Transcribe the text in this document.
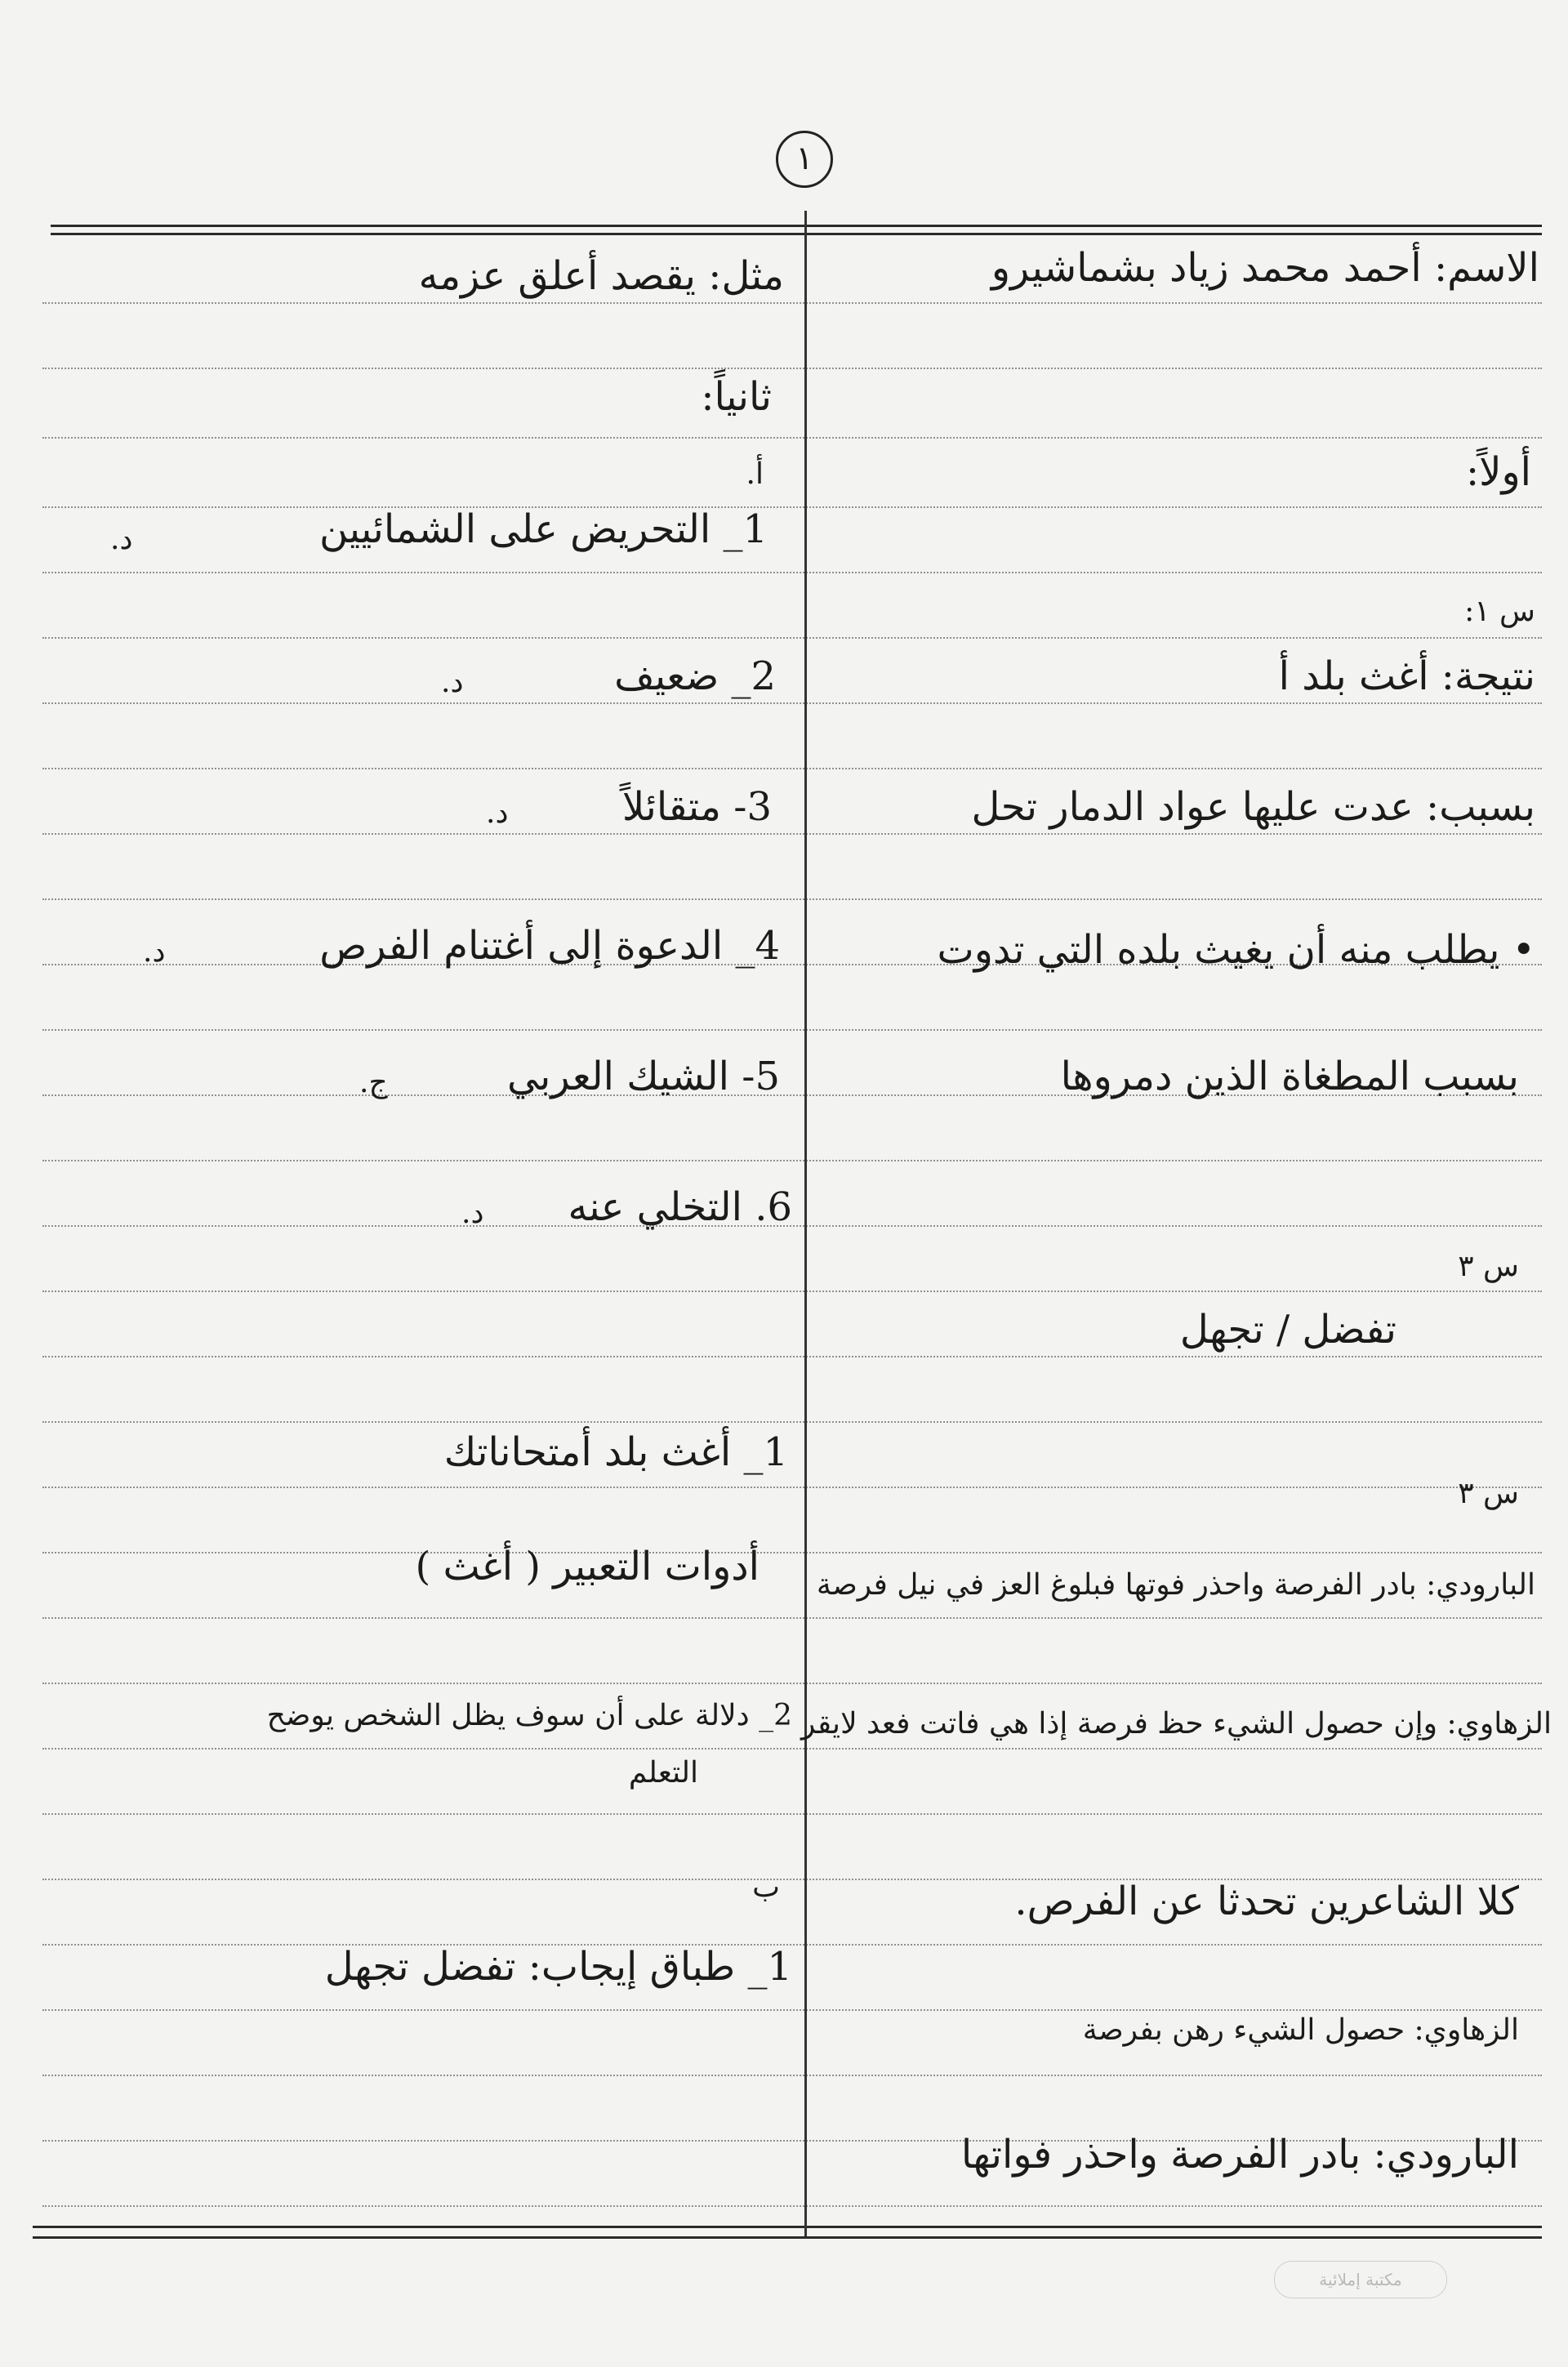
١
الاسم: أحمد محمد زياد بشماشيرو
أولاً:
س ١:
نتيجة: أغث بلد أ
بسبب: عدت عليها عواد الدمار تحل
• يطلب منه أن يغيث بلده التي تدوت
بسبب المطغاة الذين دمروها
س ٣
تفضل / تجهل
س ٣
البارودي: بادر الفرصة واحذر فوتها فبلوغ العز في نيل فرصة
الزهاوي: وإن حصول الشيء حظ فرصة إذا هي فاتت فعد لايقر
كلا الشاعرين تحدثا عن الفرص.
الزهاوي: حصول الشيء رهن بفرصة
البارودي: بادر الفرصة واحذر فواتها
مثل: يقصد أعلق عزمه
ثانياً:
أ.
1_ التحريض على الشمائيين
د.
2_ ضعيف
د.
3- متقائلاً
د.
4_ الدعوة إلى أغتنام الفرص
د.
5- الشيك العربي
ج.
6. التخلي عنه
د.
1_ أغث بلد أمتحاناتك
أدوات التعبير ( أغث )
2_ دلالة على أن سوف يظل الشخص يوضح
التعلم
ب
1_ طباق إيجاب: تفضل تجهل
مكتبة إملائية
